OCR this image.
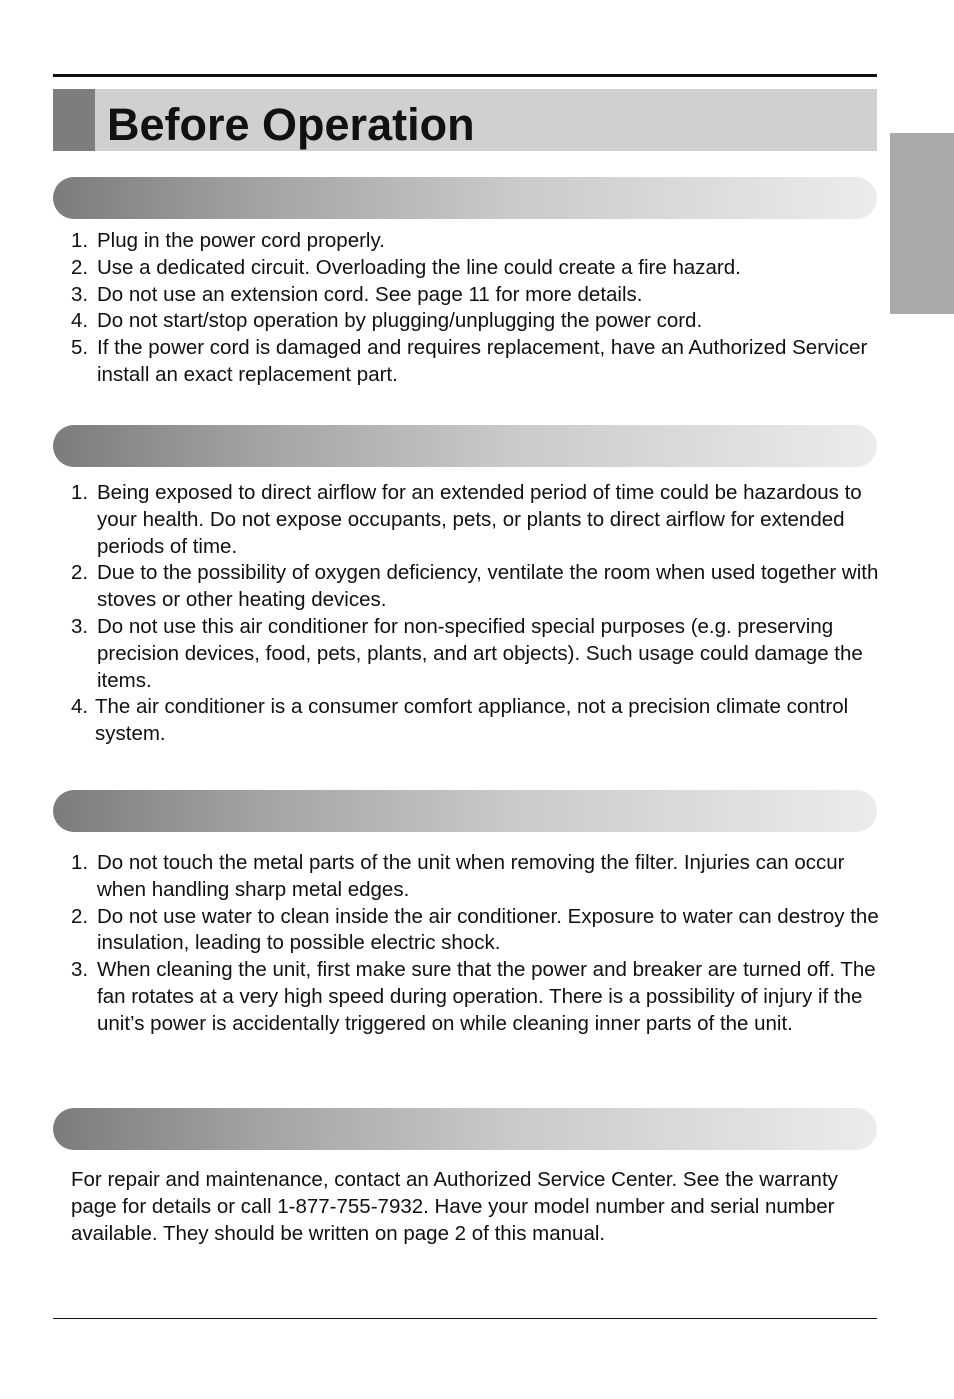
Before Operation
1. Plug in the power cord properly.
2. Use a dedicated circuit. Overloading the line could create a fire hazard.
3. Do not use an extension cord. See page 11 for more details.
4. Do not start/stop operation by plugging/unplugging the power cord.
5. If the power cord is damaged and requires replacement, have an Authorized Servicer install an exact replacement part.
1. Being exposed to direct airflow for an extended period of time could be hazardous to your health. Do not expose occupants, pets, or plants to direct airflow for extended periods of time.
2. Due to the possibility of oxygen deficiency, ventilate the room when used together with stoves or other heating devices.
3. Do not use this air conditioner for non-specified special purposes (e.g. preserving precision devices, food, pets, plants, and art objects). Such usage could damage the items.
4. The air conditioner is a consumer comfort appliance, not a precision climate control system.
1. Do not touch the metal parts of the unit when removing the filter. Injuries can occur when handling sharp metal edges.
2. Do not use water to clean inside the air conditioner. Exposure to water can destroy the insulation, leading to possible electric shock.
3. When cleaning the unit, first make sure that the power and breaker are turned off. The fan rotates at a very high speed during operation. There is a possibility of injury if the unit’s power is accidentally triggered on while cleaning inner parts of the unit.

For repair and maintenance, contact an Authorized Service Center. See the warranty page for details or call 1-877-755-7932. Have your model number and serial number available. They should be written on page 2 of this manual.
